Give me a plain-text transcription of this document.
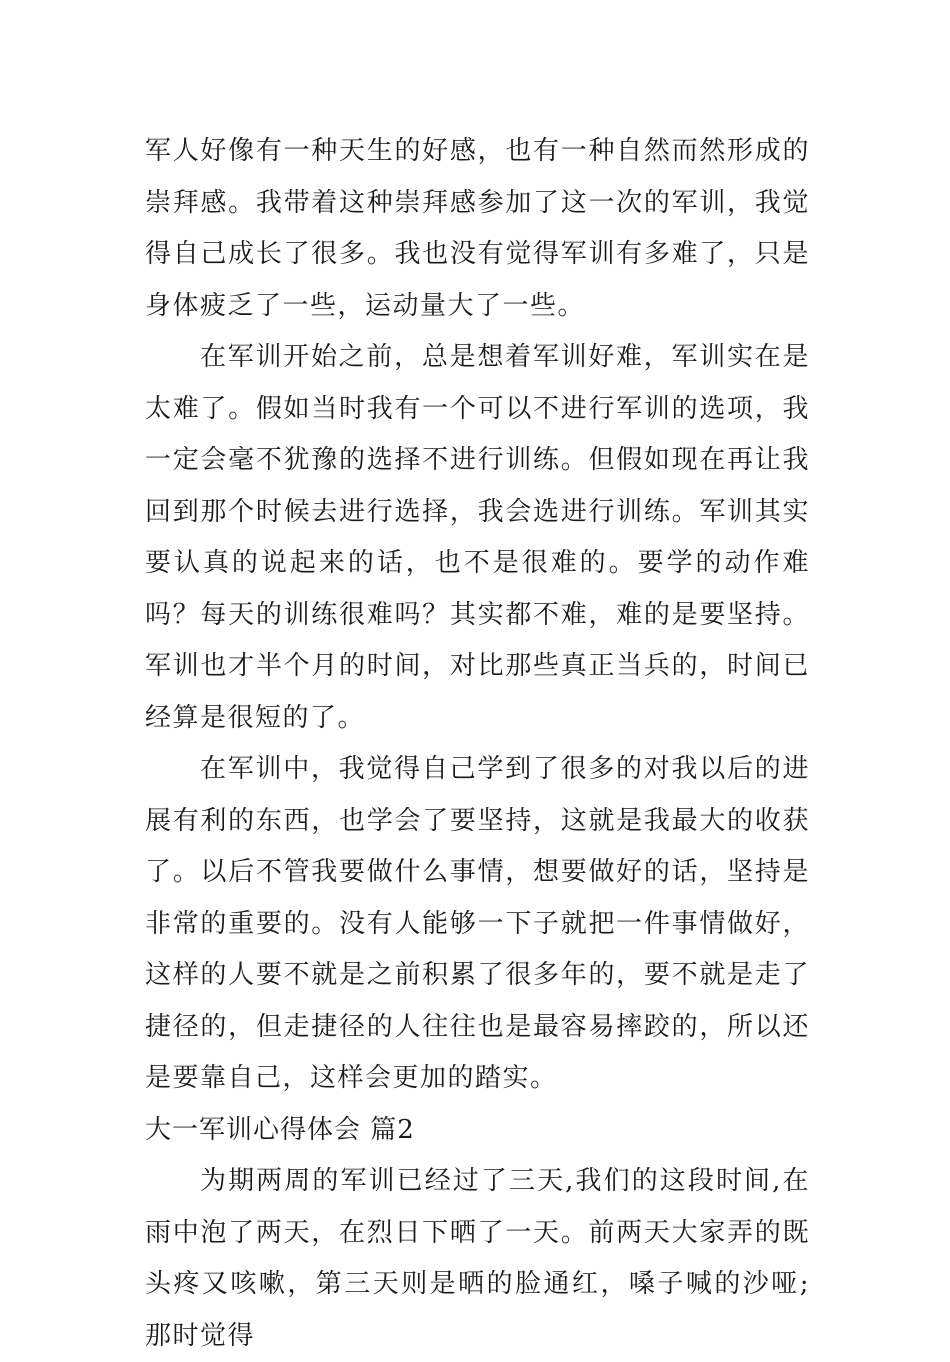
军人好像有一种天生的好感，也有一种自然而然形成的崇拜感。我带着这种崇拜感参加了这一次的军训，我觉得自己成长了很多。我也没有觉得军训有多难了，只是身体疲乏了一些，运动量大了一些。

在军训开始之前，总是想着军训好难，军训实在是太难了。假如当时我有一个可以不进行军训的选项，我一定会毫不犹豫的选择不进行训练。但假如现在再让我回到那个时候去进行选择，我会选进行训练。军训其实要认真的说起来的话，也不是很难的。要学的动作难吗？每天的训练很难吗？其实都不难，难的是要坚持。军训也才半个月的时间，对比那些真正当兵的，时间已经算是很短的了。

在军训中，我觉得自己学到了很多的对我以后的进展有利的东西，也学会了要坚持，这就是我最大的收获了。以后不管我要做什么事情，想要做好的话，坚持是非常的重要的。没有人能够一下子就把一件事情做好，这样的人要不就是之前积累了很多年的，要不就是走了捷径的，但走捷径的人往往也是最容易摔跤的，所以还是要靠自己，这样会更加的踏实。

大一军训心得体会 篇2

为期两周的军训已经过了三天,我们的这段时间,在雨中泡了两天，在烈日下晒了一天。前两天大家弄的既头疼又咳嗽，第三天则是晒的脸通红，嗓子喊的沙哑;那时觉得
